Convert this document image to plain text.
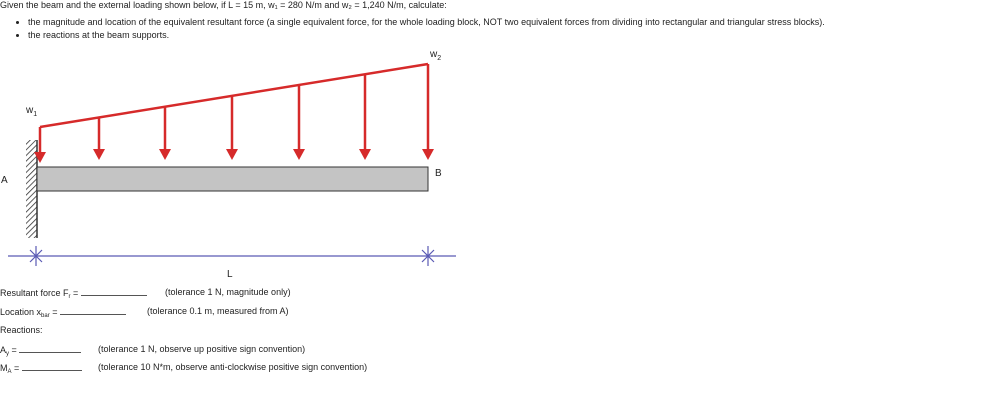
Given the beam and the external loading shown below, if L = 15 m, w₁ = 280 N/m and w₂ = 1,240 N/m, calculate:
• the magnitude and location of the equivalent resultant force (a single equivalent force, for the whole loading block, NOT two equivalent forces from dividing into rectangular and triangular stress blocks).
• the reactions at the beam supports.
$w_1$
$w_2$
A
B
L
Resultant force $F_r$ =	(tolerance 1 N, magnitude only)
Location $x_{bar}$ =	(tolerance 0.1 m, measured from A)
Reactions:
$A_y$ =	(tolerance 1 N, observe up positive sign convention)
$M_A$ =	(tolerance 10 N*m, observe anti-clockwise positive sign convention)
